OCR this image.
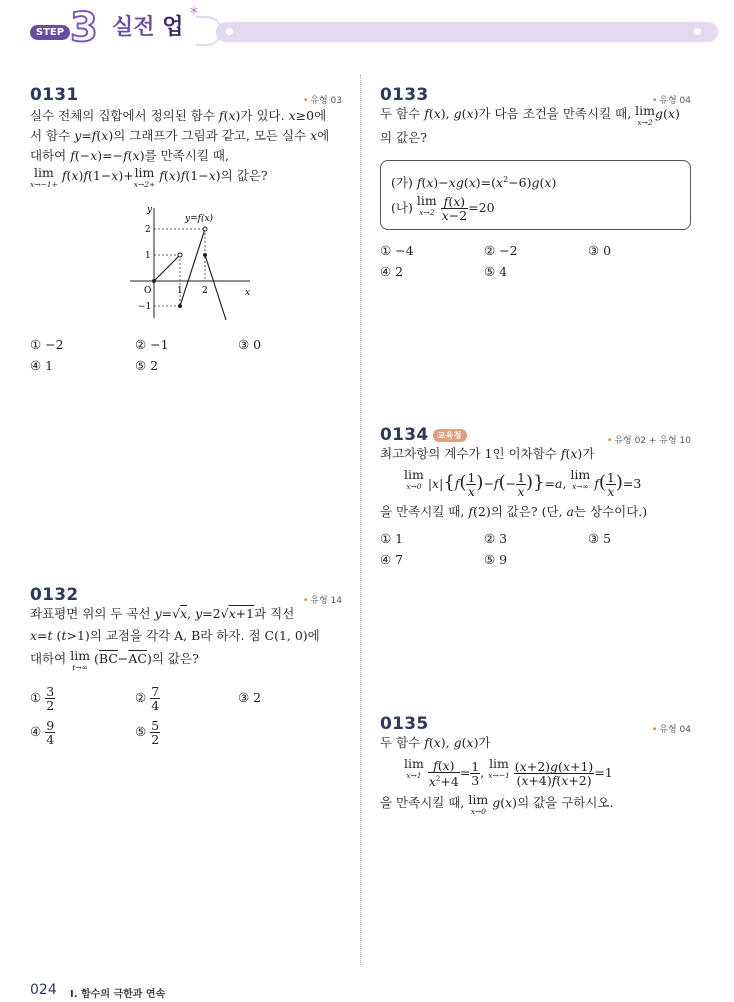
STEP 3 실전 업
*
0131	• 유형 03
실수 전체의 집합에서 정의된 함수 f(x)가 있다. x≥0에
서 함수 y=f(x)의 그래프가 그림과 같고, 모든 실수 x에
대하여 f(−x)=−f(x)를 만족시킬 때,
lim
x→−1+
f(x)f(1−x)+lim
x→2+
f(x)f(1−x)의 값은?
y=f(x)
x
y
O	1 2
1
2
−1
① −2	② −1	③ 0
④ 1	⑤ 2
0132	• 유형 14
좌표평면 위의 두 곡선 y=√x, y=2√x+1과 직선
x=t (t>1)의 교점을 각각 A, B라 하자. 점 C(1, 0)에
대하여 lim
t→∞
$(\overline{BC}-\overline{AC})$의 값은?
① $\frac{3}{2}$	② $\frac{7}{4}$	③ 2
④ $\frac{9}{4}$	⑤ $\frac{5}{2}$
0133	• 유형 04
두 함수 f(x), g(x)가 다음 조건을 만족시킬 때, lim
x→2
g(x)
의 값은?
(가) $f(x)-xg(x)=(x^2-6)g(x)$
(나) lim
x→2
$\frac{f(x)}{x-2} =20$
① −4	② −2	③ 0
④ 2	⑤ 4
0134 교육청
• 유형 02 + 유형 10
최고차항의 계수가 1인 이차함수 f(x)가
lim
x→0 $|x|\{f( \frac{1}{x} )-f(- \frac{1}{x} )\}=a$, lim
x→∞ $f( \frac{1}{x} )=3$
을 만족시킬 때, f(2)의 값은? (단, a는 상수이다.)
① 1	② 3	③ 5
④ 7	⑤ 9
0135	• 유형 04
두 함수 f(x), g(x)가
lim
x→1
$\frac{f(x)}{x^2+4} = \frac{1}{3}$ , lim
x→−1
$\frac{(x+2)g(x+1)}{(x+4)f(x+2)} =1$
을 만족시킬 때, lim
x→0
g(x)의 값을 구하시오.
024 I. 함수의 극한과 연속
